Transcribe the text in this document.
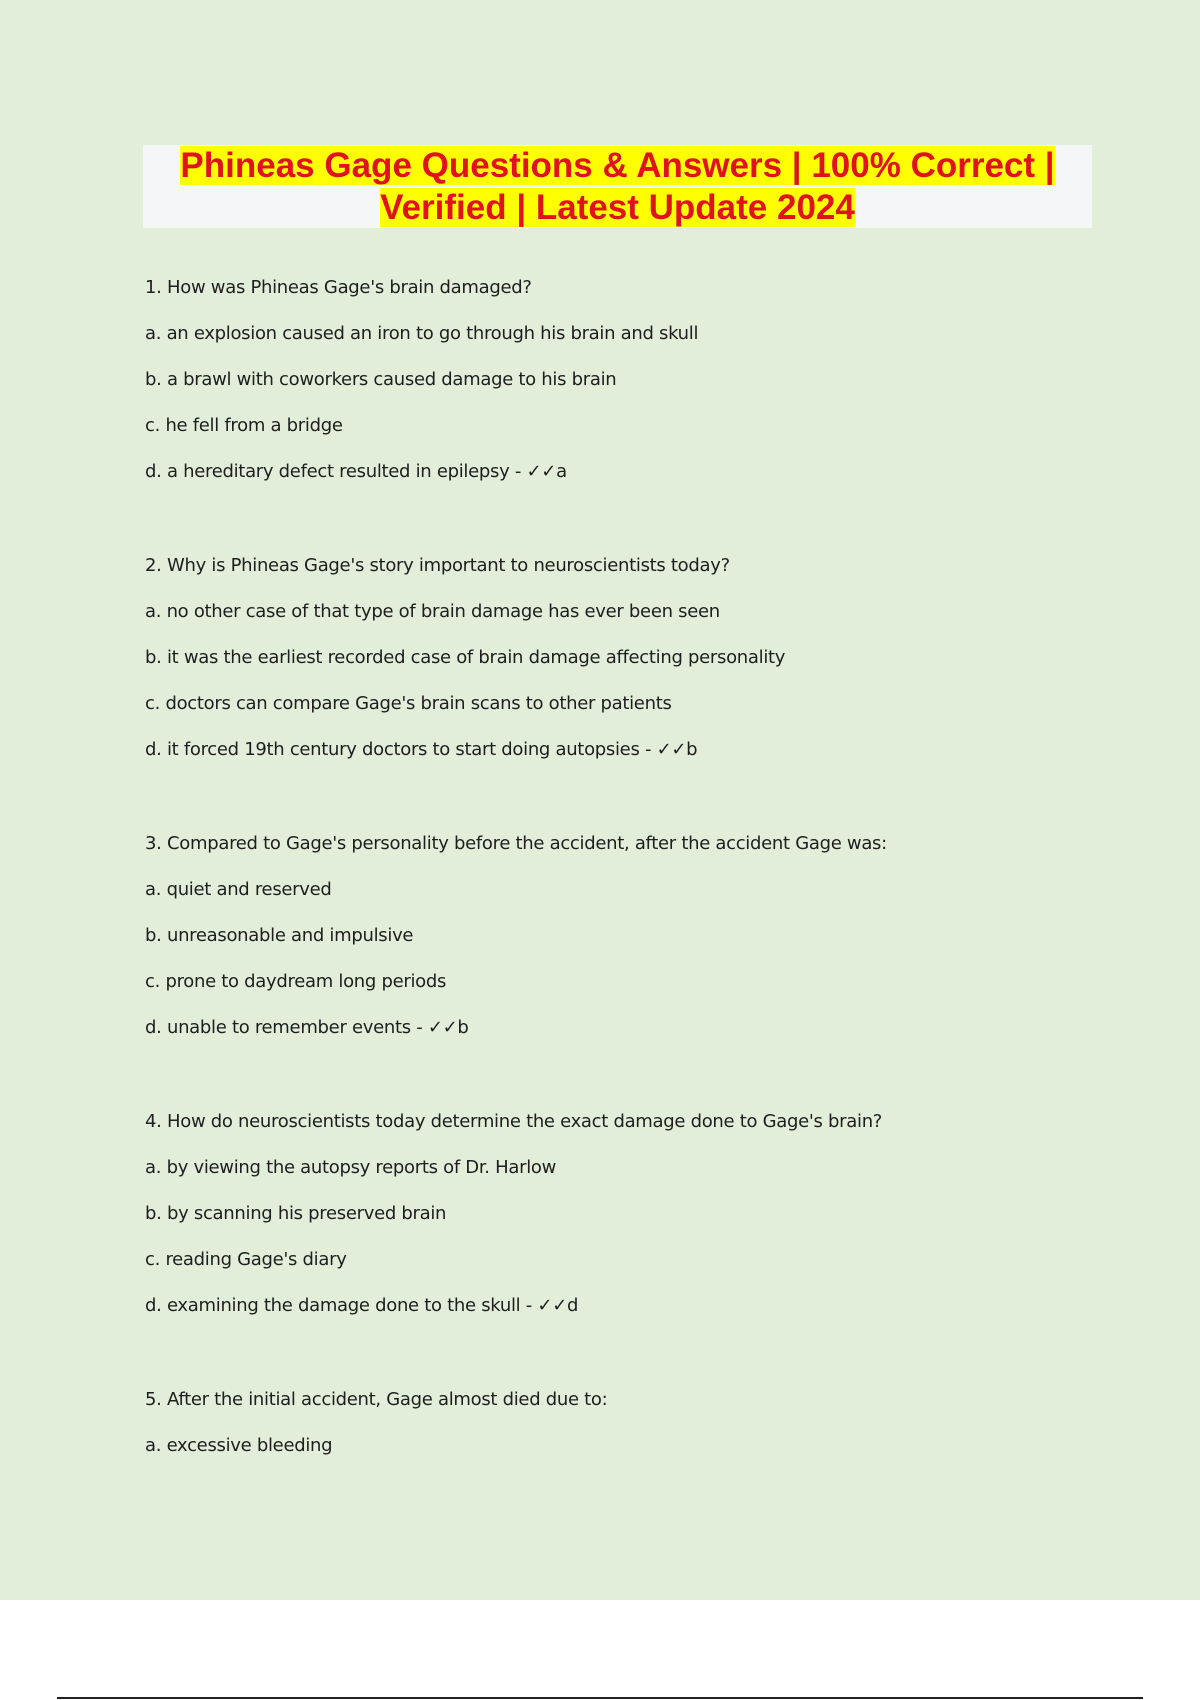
Phineas Gage Questions & Answers | 100% Correct | Verified | Latest Update 2024
1. How was Phineas Gage's brain damaged?
a. an explosion caused an iron to go through his brain and skull
b. a brawl with coworkers caused damage to his brain
c. he fell from a bridge
d. a hereditary defect resulted in epilepsy - ✓✓a
2. Why is Phineas Gage's story important to neuroscientists today?
a. no other case of that type of brain damage has ever been seen
b. it was the earliest recorded case of brain damage affecting personality
c. doctors can compare Gage's brain scans to other patients
d. it forced 19th century doctors to start doing autopsies - ✓✓b
3. Compared to Gage's personality before the accident, after the accident Gage was:
a. quiet and reserved
b. unreasonable and impulsive
c. prone to daydream long periods
d. unable to remember events - ✓✓b
4. How do neuroscientists today determine the exact damage done to Gage's brain?
a. by viewing the autopsy reports of Dr. Harlow
b. by scanning his preserved brain
c. reading Gage's diary
d. examining the damage done to the skull - ✓✓d
5. After the initial accident, Gage almost died due to:
a. excessive bleeding
